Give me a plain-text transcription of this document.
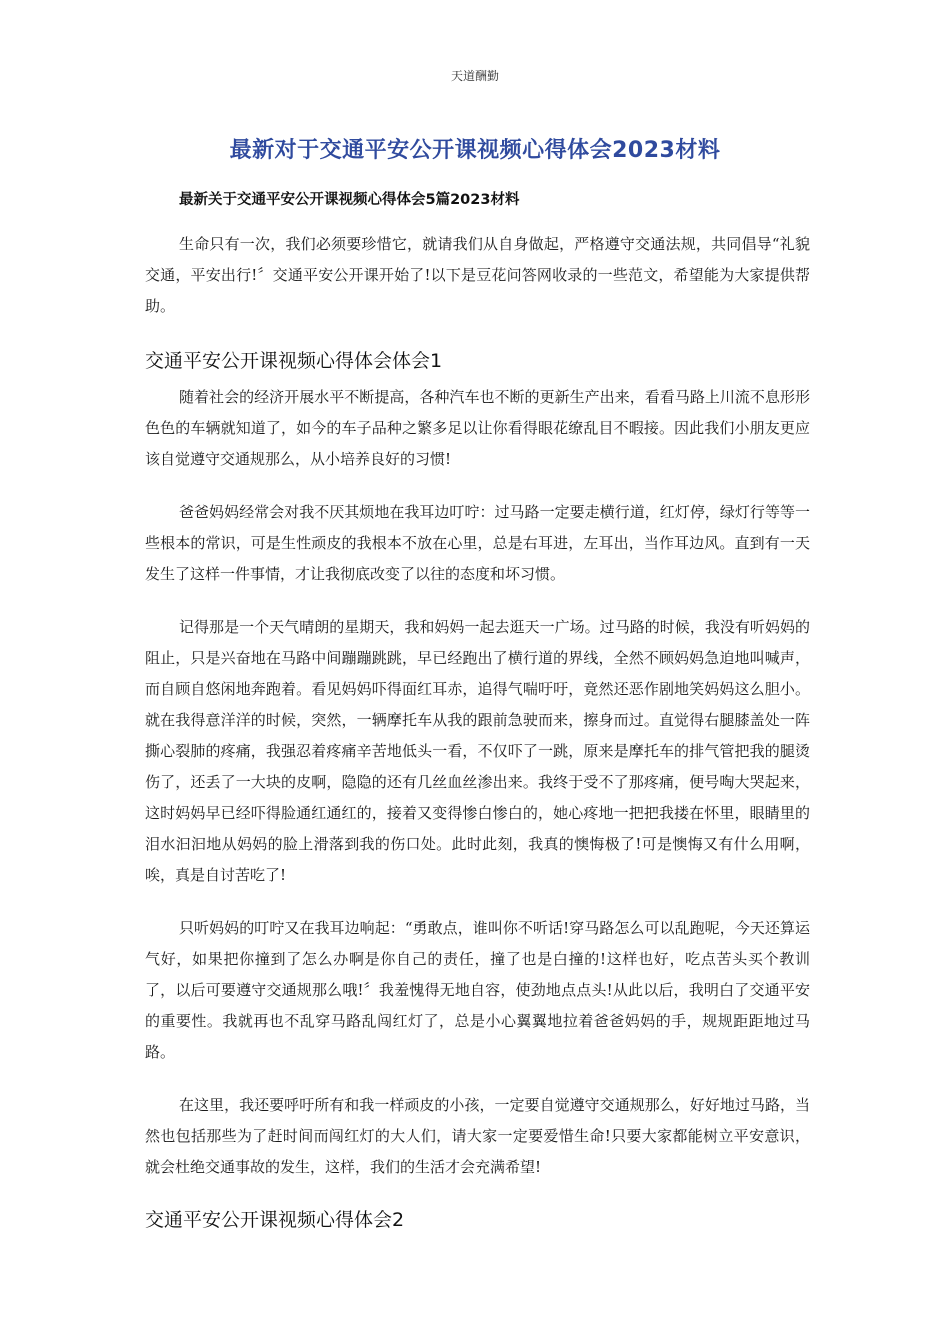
天道酬勤
最新对于交通平安公开课视频心得体会2023材料
最新关于交通平安公开课视频心得体会5篇2023材料

生命只有一次，我们必须要珍惜它，就请我们从自身做起，严格遵守交通法规，共同倡导“礼貌交通，平安出行!〞交通平安公开课开始了!以下是豆花问答网收录的一些范文，希望能为大家提供帮助。

交通平安公开课视频心得体会体会1

随着社会的经济开展水平不断提高，各种汽车也不断的更新生产出来，看看马路上川流不息形形色色的车辆就知道了，如今的车子品种之繁多足以让你看得眼花缭乱目不暇接。因此我们小朋友更应该自觉遵守交通规那么，从小培养良好的习惯!

爸爸妈妈经常会对我不厌其烦地在我耳边叮咛：过马路一定要走横行道，红灯停，绿灯行等等一些根本的常识，可是生性顽皮的我根本不放在心里，总是右耳进，左耳出，当作耳边风。直到有一天发生了这样一件事情，才让我彻底改变了以往的态度和坏习惯。

记得那是一个天气晴朗的星期天，我和妈妈一起去逛天一广场。过马路的时候，我没有听妈妈的阻止，只是兴奋地在马路中间蹦蹦跳跳，早已经跑出了横行道的界线，全然不顾妈妈急迫地叫喊声，而自顾自悠闲地奔跑着。看见妈妈吓得面红耳赤，追得气喘吁吁，竟然还恶作剧地笑妈妈这么胆小。就在我得意洋洋的时候，突然，一辆摩托车从我的跟前急驶而来，擦身而过。直觉得右腿膝盖处一阵撕心裂肺的疼痛，我强忍着疼痛辛苦地低头一看，不仅吓了一跳，原来是摩托车的排气管把我的腿烫伤了，还丢了一大块的皮啊，隐隐的还有几丝血丝渗出来。我终于受不了那疼痛，便号啕大哭起来，这时妈妈早已经吓得脸通红通红的，接着又变得惨白惨白的，她心疼地一把把我搂在怀里，眼睛里的泪水汩汩地从妈妈的脸上滑落到我的伤口处。此时此刻，我真的懊悔极了!可是懊悔又有什么用啊，唉，真是自讨苦吃了!

只听妈妈的叮咛又在我耳边响起：“勇敢点，谁叫你不听话!穿马路怎么可以乱跑呢，今天还算运气好，如果把你撞到了怎么办啊是你自己的责任，撞了也是白撞的!这样也好，吃点苦头买个教训了，以后可要遵守交通规那么哦!〞我羞愧得无地自容，使劲地点点头!从此以后，我明白了交通平安的重要性。我就再也不乱穿马路乱闯红灯了，总是小心翼翼地拉着爸爸妈妈的手，规规距距地过马路。

在这里，我还要呼吁所有和我一样顽皮的小孩，一定要自觉遵守交通规那么，好好地过马路，当然也包括那些为了赶时间而闯红灯的大人们，请大家一定要爱惜生命!只要大家都能树立平安意识，就会杜绝交通事故的发生，这样，我们的生活才会充满希望!

交通平安公开课视频心得体会2
